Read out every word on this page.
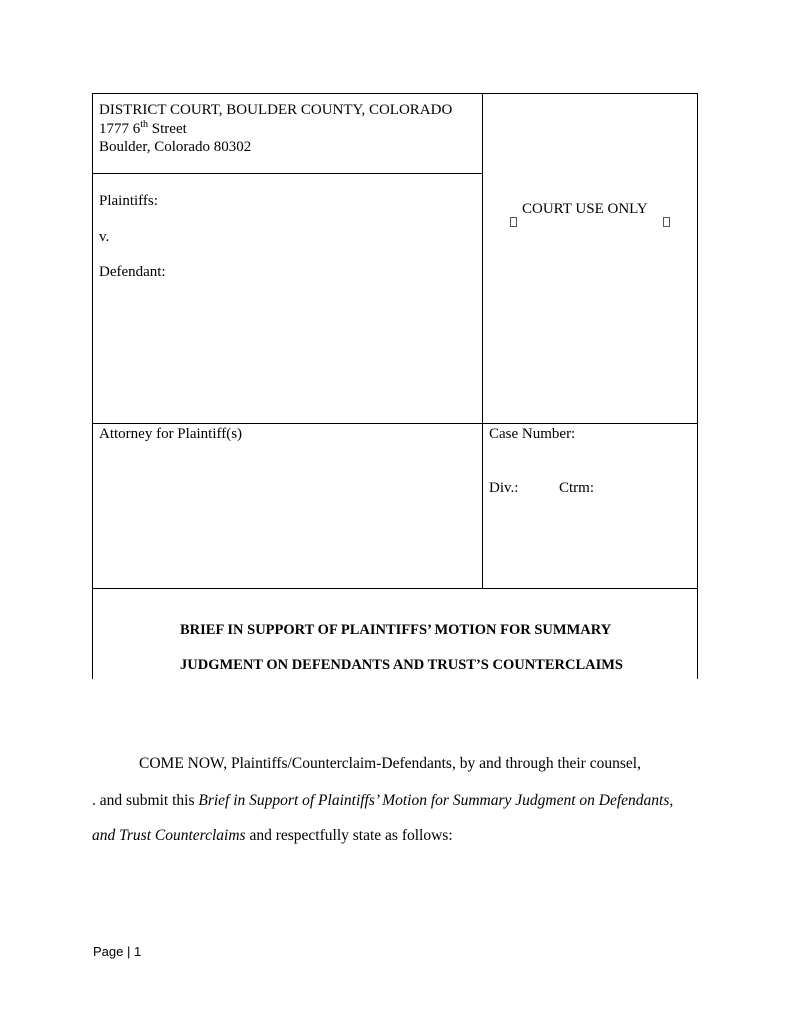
DISTRICT COURT, BOULDER COUNTY, COLORADO
1777 6th Street
Boulder, Colorado 80302
Plaintiffs:
v.
Defendant:
COURT USE ONLY
Attorney for Plaintiff(s)	Case Number:
Div.:	Ctrm:
BRIEF IN SUPPORT OF PLAINTIFFS’ MOTION FOR SUMMARY
JUDGMENT ON DEFENDANTS AND TRUST’S COUNTERCLAIMS
COME NOW, Plaintiffs/Counterclaim-Defendants, by and through their counsel,
. and submit this Brief in Support of Plaintiffs’ Motion for Summary Judgment on Defendants,
and Trust Counterclaims and respectfully state as follows:
Page | 1
